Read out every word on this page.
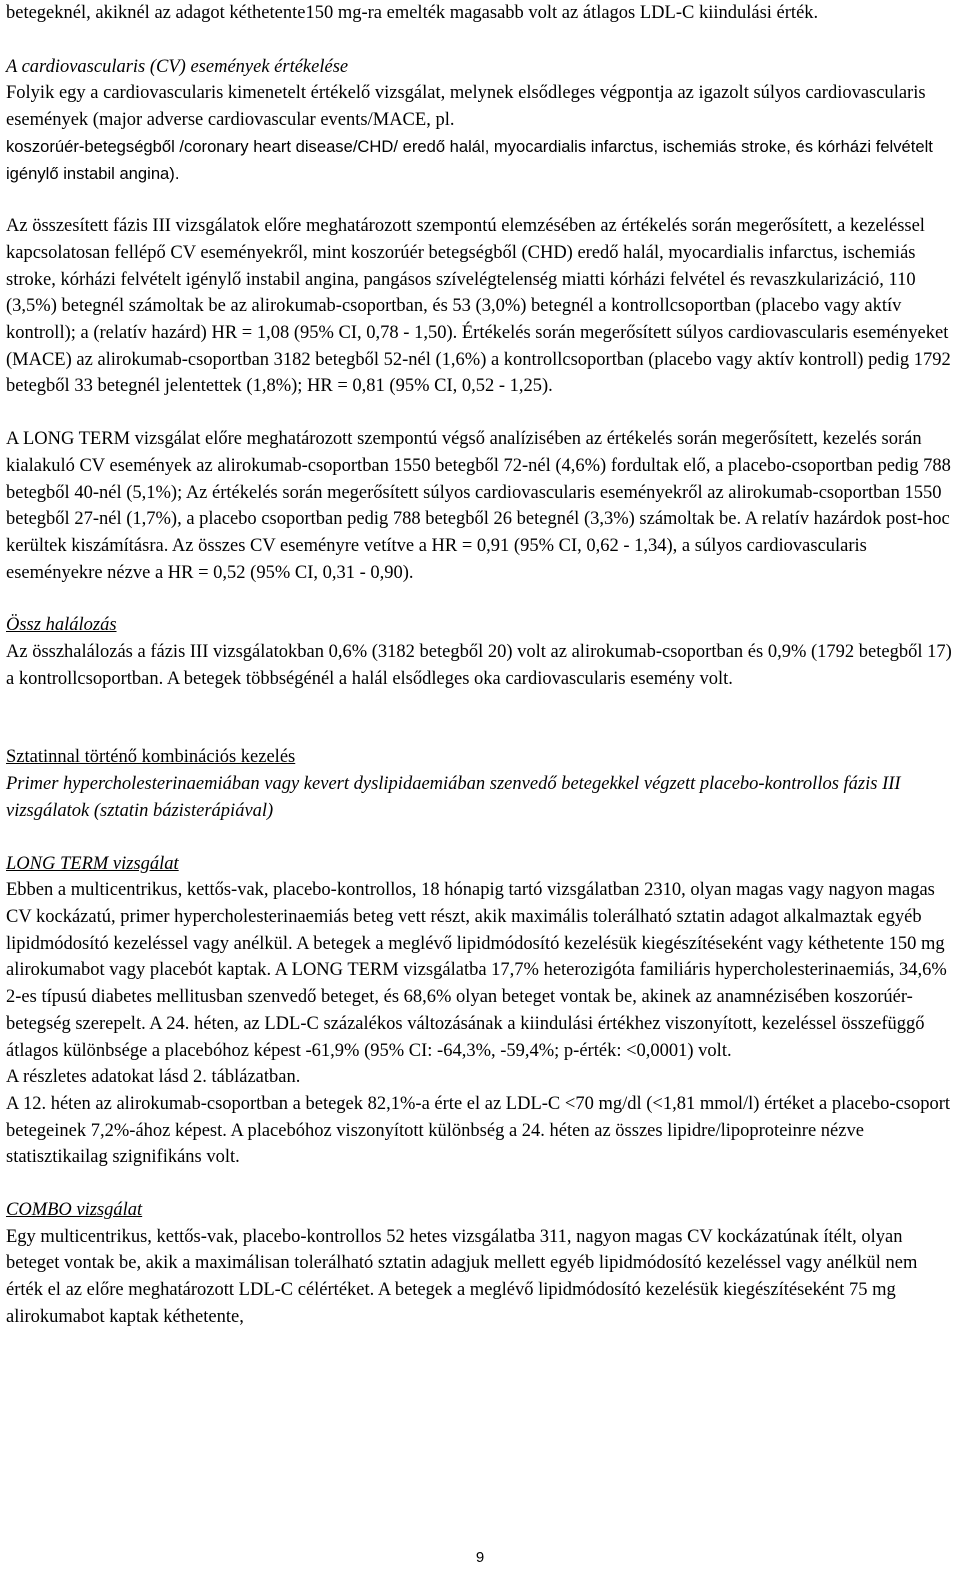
betegeknél, akiknél az adagot kéthetente150 mg-ra emelték magasabb volt az átlagos LDL-C kiindulási érték.

A cardiovascularis (CV) események értékelése

Folyik egy a cardiovascularis kimenetelt értékelő vizsgálat, melynek elsődleges végpontja az igazolt súlyos cardiovascularis események (major adverse cardiovascular events/MACE, pl.

koszorúér-betegségből /coronary heart disease/CHD/ eredő halál, myocardialis infarctus, ischemiás stroke, és kórházi felvételt igénylő instabil angina).

Az összesített fázis III vizsgálatok előre meghatározott szempontú elemzésében az értékelés során megerősített, a kezeléssel kapcsolatosan fellépő CV eseményekről, mint koszorúér betegségből (CHD) eredő halál, myocardialis infarctus, ischemiás stroke, kórházi felvételt igénylő instabil angina, pangásos szívelégtelenség miatti kórházi felvétel és revaszkularizáció, 110 (3,5%) betegnél számoltak be az alirokumab-csoportban, és 53 (3,0%) betegnél a kontrollcsoportban (placebo vagy aktív kontroll); a (relatív hazárd) HR = 1,08 (95% CI, 0,78 - 1,50). Értékelés során megerősített súlyos cardiovascularis eseményeket (MACE) az alirokumab-csoportban 3182 betegből 52-nél (1,6%) a kontrollcsoportban (placebo vagy aktív kontroll) pedig 1792 betegből 33 betegnél jelentettek (1,8%); HR = 0,81 (95% CI, 0,52 - 1,25).

A LONG TERM vizsgálat előre meghatározott szempontú végső analízisében az értékelés során megerősített, kezelés során kialakuló CV események az alirokumab-csoportban 1550 betegből 72-nél (4,6%) fordultak elő, a placebo-csoportban pedig 788 betegből 40-nél (5,1%); Az értékelés során megerősített súlyos cardiovascularis eseményekről az alirokumab-csoportban 1550 betegből 27-nél (1,7%), a placebo csoportban pedig 788 betegből 26 betegnél (3,3%) számoltak be. A relatív hazárdok post-hoc kerültek kiszámításra. Az összes CV eseményre vetítve a HR = 0,91 (95% CI, 0,62 - 1,34), a súlyos cardiovascularis eseményekre nézve a HR = 0,52 (95% CI, 0,31 - 0,90).

Össz halálozás

Az összhalálozás a fázis III vizsgálatokban 0,6% (3182 betegből 20) volt az alirokumab-csoportban és 0,9% (1792 betegből 17) a kontrollcsoportban. A betegek többségénél a halál elsődleges oka cardiovascularis esemény volt.

Sztatinnal történő kombinációs kezelés

Primer hypercholesterinaemiában vagy kevert dyslipidaemiában szenvedő betegekkel végzett placebo-kontrollos fázis III vizsgálatok (sztatin bázisterápiával)

LONG TERM vizsgálat

Ebben a multicentrikus, kettős-vak, placebo-kontrollos, 18 hónapig tartó vizsgálatban 2310, olyan magas vagy nagyon magas CV kockázatú, primer hypercholesterinaemiás beteg vett részt, akik maximális tolerálható sztatin adagot alkalmaztak egyéb lipidmódosító kezeléssel vagy anélkül. A betegek a meglévő lipidmódosító kezelésük kiegészítéseként vagy kéthetente 150 mg alirokumabot vagy placebót kaptak. A LONG TERM vizsgálatba 17,7% heterozigóta familiáris hypercholesterinaemiás, 34,6% 2-es típusú diabetes mellitusban szenvedő beteget, és 68,6% olyan beteget vontak be, akinek az anamnézisében koszorúér-betegség szerepelt. A 24. héten, az LDL-C százalékos változásának a kiindulási értékhez viszonyított, kezeléssel összefüggő átlagos különbsége a placebóhoz képest -61,9% (95% CI: -64,3%, -59,4%; p-érték: <0,0001) volt.

A részletes adatokat lásd 2. táblázatban.

A 12. héten az alirokumab-csoportban a betegek 82,1%-a érte el az LDL-C <70 mg/dl (<1,81 mmol/l) értéket a placebo-csoport betegeinek 7,2%-ához képest. A placebóhoz viszonyított különbség a 24. héten az összes lipidre/lipoproteinre nézve statisztikailag szignifikáns volt.

COMBO vizsgálat

Egy multicentrikus, kettős-vak, placebo-kontrollos 52 hetes vizsgálatba 311, nagyon magas CV kockázatúnak ítélt, olyan beteget vontak be, akik a maximálisan tolerálható sztatin adagjuk mellett egyéb lipidmódosító kezeléssel vagy anélkül nem érték el az előre meghatározott LDL-C célértéket. A betegek a meglévő lipidmódosító kezelésük kiegészítéseként 75 mg alirokumabot kaptak kéthetente,

9
